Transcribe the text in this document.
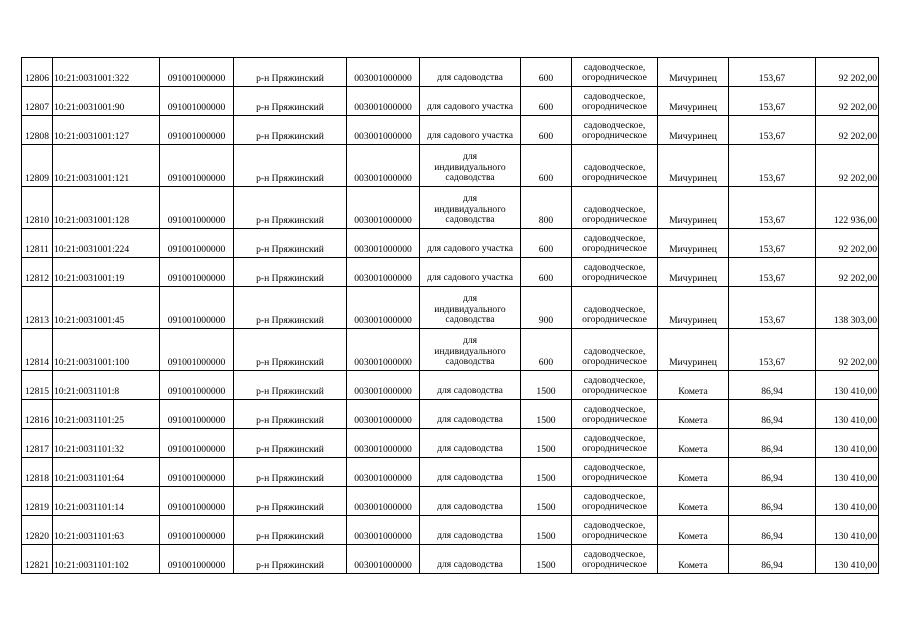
12806	10:21:0031001:322	091001000000	р-н Пряжинский	003001000000	для садоводства	600	садоводческое,
огородническое	Мичуринец	153,67	92 202,00
12807	10:21:0031001:90	091001000000	р-н Пряжинский	003001000000	для садового участка	600	садоводческое,
огородническое	Мичуринец	153,67	92 202,00
12808	10:21:0031001:127	091001000000	р-н Пряжинский	003001000000	для садового участка	600	садоводческое,
огородническое	Мичуринец	153,67	92 202,00
12809	10:21:0031001:121	091001000000	р-н Пряжинский	003001000000	для
индивидуального
садоводства	600	садоводческое,
огородническое	Мичуринец	153,67	92 202,00
12810	10:21:0031001:128	091001000000	р-н Пряжинский	003001000000	для
индивидуального
садоводства	800	садоводческое,
огородническое	Мичуринец	153,67	122 936,00
12811	10:21:0031001:224	091001000000	р-н Пряжинский	003001000000	для садового участка	600	садоводческое,
огородническое	Мичуринец	153,67	92 202,00
12812	10:21:0031001:19	091001000000	р-н Пряжинский	003001000000	для садового участка	600	садоводческое,
огородническое	Мичуринец	153,67	92 202,00
12813	10:21:0031001:45	091001000000	р-н Пряжинский	003001000000	для
индивидуального
садоводства	900	садоводческое,
огородническое	Мичуринец	153,67	138 303,00
12814	10:21:0031001:100	091001000000	р-н Пряжинский	003001000000	для
индивидуального
садоводства	600	садоводческое,
огородническое	Мичуринец	153,67	92 202,00
12815	10:21:0031101:8	091001000000	р-н Пряжинский	003001000000	для садоводства	1500	садоводческое,
огородническое	Комета	86,94	130 410,00
12816	10:21:0031101:25	091001000000	р-н Пряжинский	003001000000	для садоводства	1500	садоводческое,
огородническое	Комета	86,94	130 410,00
12817	10:21:0031101:32	091001000000	р-н Пряжинский	003001000000	для садоводства	1500	садоводческое,
огородническое	Комета	86,94	130 410,00
12818	10:21:0031101:64	091001000000	р-н Пряжинский	003001000000	для садоводства	1500	садоводческое,
огородническое	Комета	86,94	130 410,00
12819	10:21:0031101:14	091001000000	р-н Пряжинский	003001000000	для садоводства	1500	садоводческое,
огородническое	Комета	86,94	130 410,00
12820	10:21:0031101:63	091001000000	р-н Пряжинский	003001000000	для садоводства	1500	садоводческое,
огородническое	Комета	86,94	130 410,00
12821	10:21:0031101:102	091001000000	р-н Пряжинский	003001000000	для садоводства	1500	садоводческое,
огородническое	Комета	86,94	130 410,00
